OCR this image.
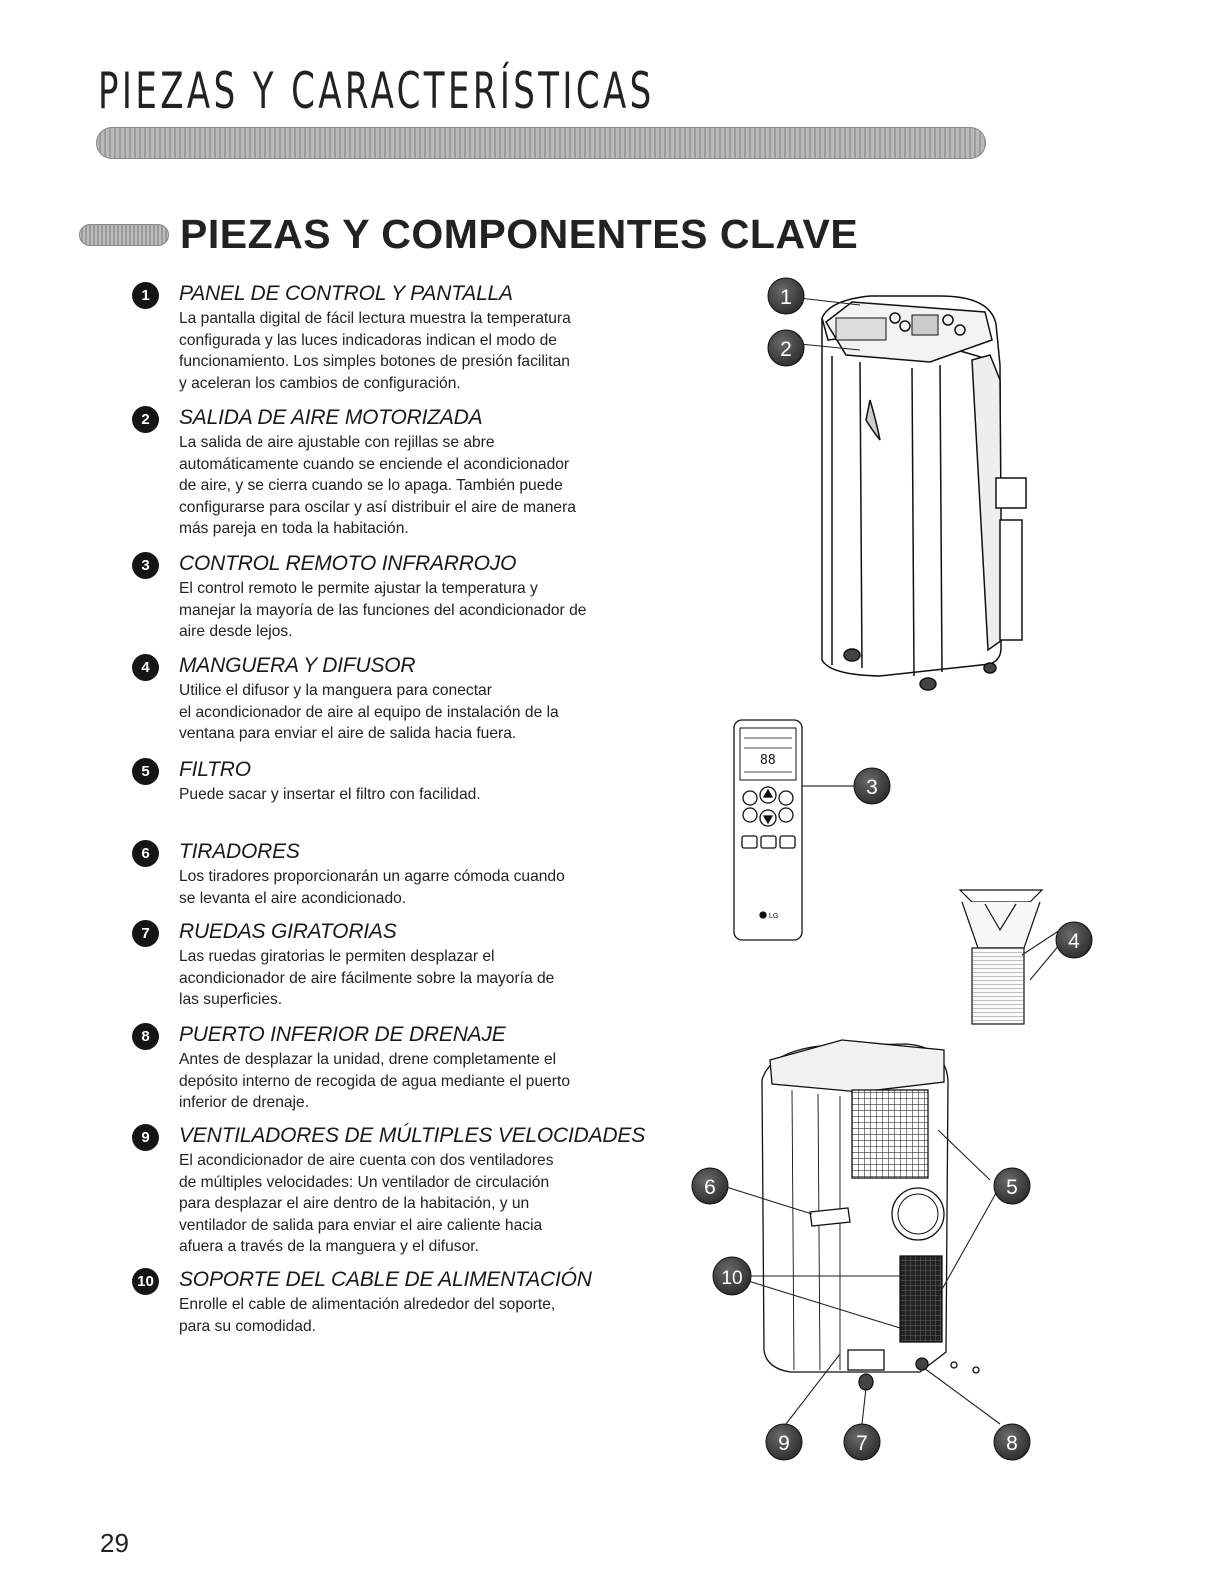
PIEZAS Y CARACTERÍSTICAS
PIEZAS Y COMPONENTES CLAVE
1	PANEL DE CONTROL Y PANTALLA
La pantalla digital de fácil lectura muestra la temperatura
configurada y las luces indicadoras indican el modo de
funcionamiento. Los simples botones de presión facilitan
y aceleran los cambios de configuración.
2	SALIDA DE AIRE MOTORIZADA
La salida de aire ajustable con rejillas se abre
automáticamente cuando se enciende el acondicionador
de aire, y se cierra cuando se lo apaga. También puede
configurarse para oscilar y así distribuir el aire de manera
más pareja en toda la habitación.
3	CONTROL REMOTO INFRARROJO
El control remoto le permite ajustar la temperatura y
manejar la mayoría de las funciones del acondicionador de
aire desde lejos.
4	MANGUERA Y DIFUSOR
Utilice el difusor y la manguera para conectar
el acondicionador de aire al equipo de instalación de la
ventana para enviar el aire de salida hacia fuera.
5	FILTRO
Puede sacar y insertar el filtro con facilidad.
6	TIRADORES
Los tiradores proporcionarán un agarre cómoda cuando
se levanta el aire acondicionado.
7	RUEDAS GIRATORIAS
Las ruedas giratorias le permiten desplazar el
acondicionador de aire fácilmente sobre la mayoría de
las superficies.
8	PUERTO INFERIOR DE DRENAJE
Antes de desplazar la unidad, drene completamente el
depósito interno de recogida de agua mediante el puerto
inferior de drenaje.
9	VENTILADORES DE MÚLTIPLES VELOCIDADES
El acondicionador de aire cuenta con dos ventiladores
de múltiples velocidades: Un ventilador de circulación
para desplazar el aire dentro de la habitación, y un
ventilador de salida para enviar el aire caliente hacia
afuera a través de la manguera y el difusor.
10 SOPORTE DEL CABLE DE ALIMENTACIÓN
Enrolle el cable de alimentación alrededor del soporte,
para su comodidad.
88
LG
1
2
3
4
5
6
7	8
9
10
29
